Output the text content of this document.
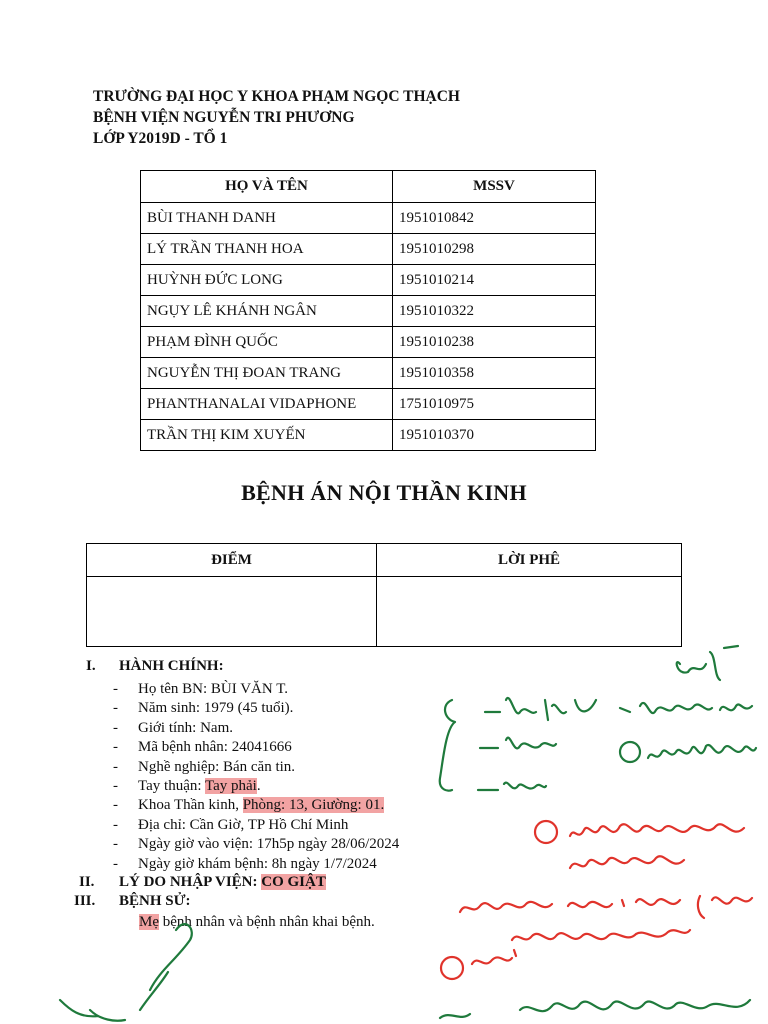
TRƯỜNG ĐẠI HỌC Y KHOA PHẠM NGỌC THẠCH
BỆNH VIỆN NGUYỄN TRI PHƯƠNG
LỚP Y2019D - TỔ 1
HỌ VÀ TÊN	MSSV
BÙI THANH DANH	1951010842
LÝ TRẦN THANH HOA	1951010298
HUỲNH ĐỨC LONG	1951010214
NGỤY LÊ KHÁNH NGÂN	1951010322
PHẠM ĐÌNH QUỐC	1951010238
NGUYỄN THỊ ĐOAN TRANG	1951010358
PHANTHANALAI VIDAPHONE	1751010975
TRẦN THỊ KIM XUYẾN	1951010370
BỆNH ÁN NỘI THẦN KINH
ĐIỂM	LỜI PHÊ

I. HÀNH CHÍNH:
- Họ tên BN: BÙI VĂN T.
- Năm sinh: 1979 (45 tuổi).
- Giới tính: Nam.
- Mã bệnh nhân: 24041666
- Nghề nghiệp: Bán căn tin.
- Tay thuận: Tay phải.
- Khoa Thần kinh, Phòng: 13, Giường: 01.
- Địa chỉ: Cần Giờ, TP Hồ Chí Minh
- Ngày giờ vào viện: 17h5p ngày 28/06/2024
- Ngày giờ khám bệnh: 8h ngày 1/7/2024
II. LÝ DO NHẬP VIỆN: CO GIẬT
III. BỆNH SỬ:
Mẹ bệnh nhân và bệnh nhân khai bệnh.
